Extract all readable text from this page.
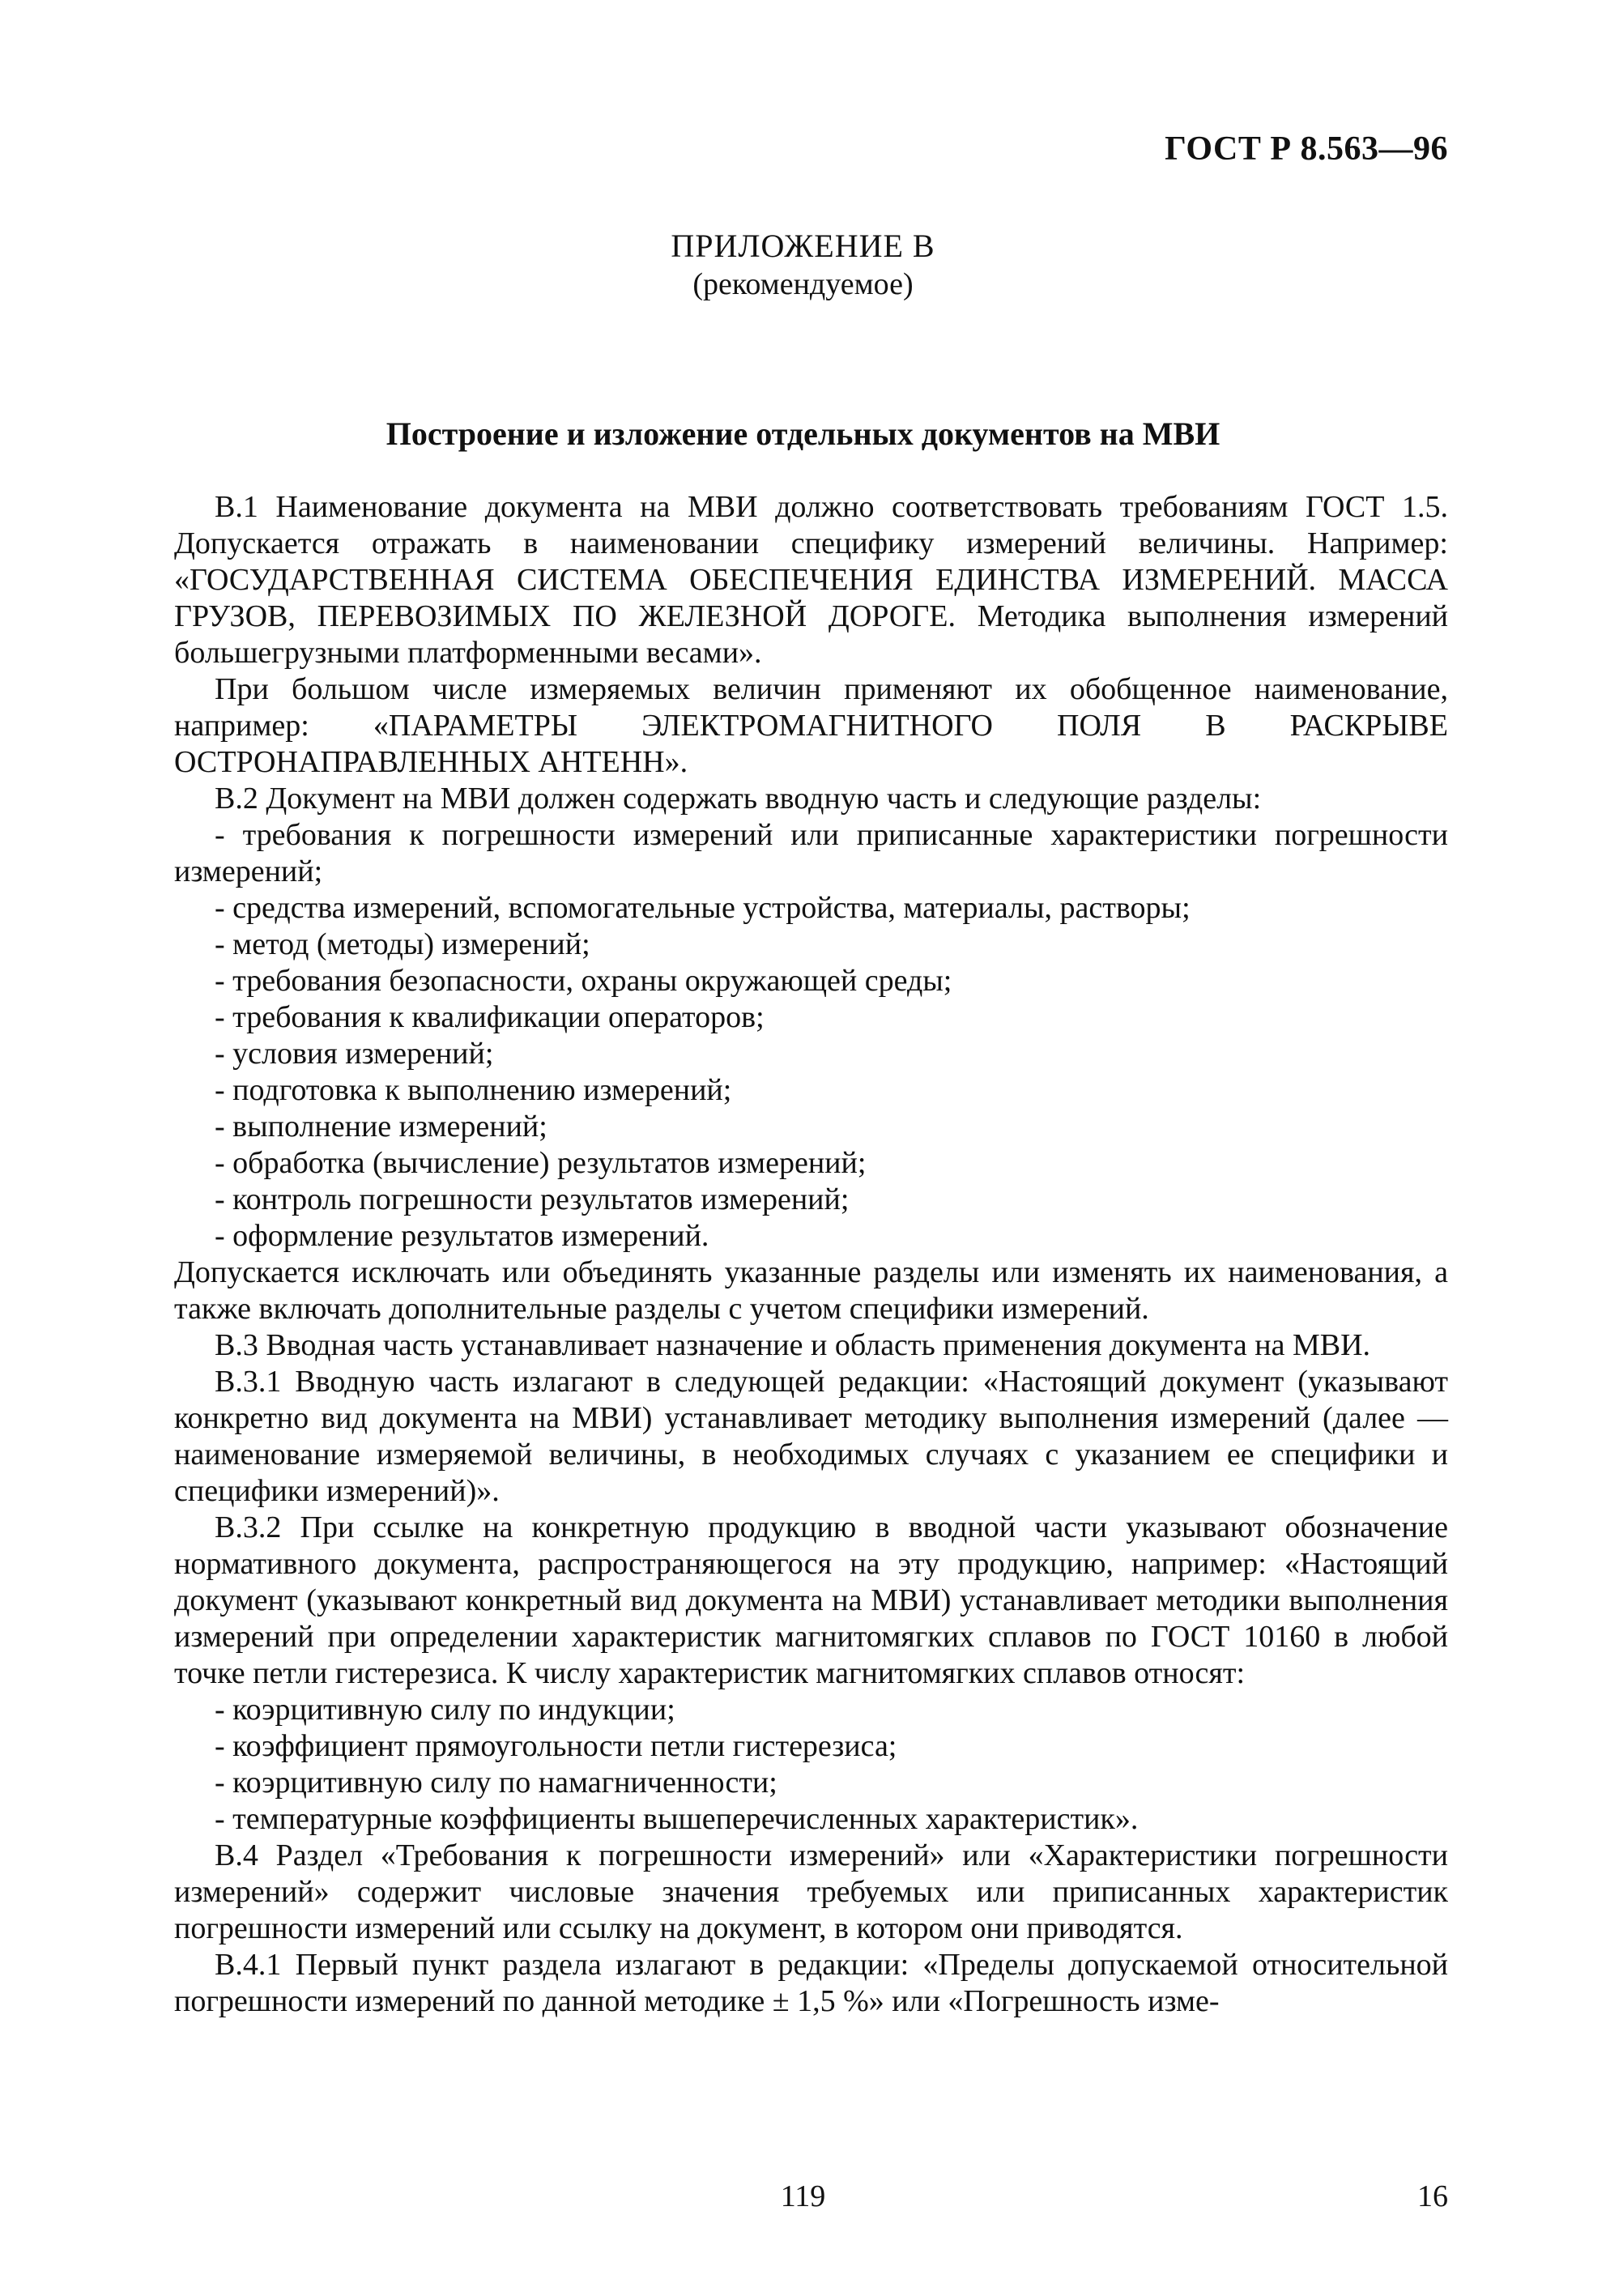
ГОСТ Р 8.563—96
ПРИЛОЖЕНИЕ В
(рекомендуемое)
Построение и изложение отдельных документов на МВИ

В.1 Наименование документа на МВИ должно соответствовать требованиям ГОСТ 1.5. Допускается отражать в наименовании специфику измерений величины. Например: «ГОСУДАРСТВЕННАЯ СИСТЕМА ОБЕСПЕЧЕНИЯ ЕДИНСТВА ИЗМЕРЕНИЙ. МАССА ГРУЗОВ, ПЕРЕВОЗИМЫХ ПО ЖЕЛЕЗНОЙ ДОРОГЕ. Методика выполнения измерений большегрузными платформенными весами».

При большом числе измеряемых величин применяют их обобщенное наименование, например: «ПАРАМЕТРЫ ЭЛЕКТРОМАГНИТНОГО ПОЛЯ В РАСКРЫВЕ ОСТРОНАПРАВЛЕННЫХ АНТЕНН».

В.2 Документ на МВИ должен содержать вводную часть и следующие разделы:

- требования к погрешности измерений или приписанные характеристики погрешности измерений;

- средства измерений, вспомогательные устройства, материалы, растворы;

- метод (методы) измерений;

- требования безопасности, охраны окружающей среды;

- требования к квалификации операторов;

- условия измерений;

- подготовка к выполнению измерений;

- выполнение измерений;

- обработка (вычисление) результатов измерений;

- контроль погрешности результатов измерений;

- оформление результатов измерений.

Допускается исключать или объединять указанные разделы или изменять их наименования, а также включать дополнительные разделы с учетом специфики измерений.

В.3 Вводная часть устанавливает назначение и область применения документа на МВИ.

В.3.1 Вводную часть излагают в следующей редакции: «Настоящий документ (указывают конкретно вид документа на МВИ) устанавливает методику выполнения измерений (далее — наименование измеряемой величины, в необходимых случаях с указанием ее специфики и специфики измерений)».

В.3.2 При ссылке на конкретную продукцию в вводной части указывают обозначение нормативного документа, распространяющегося на эту продукцию, например: «Настоящий документ (указывают конкретный вид документа на МВИ) устанавливает методики выполнения измерений при определении характеристик магнитомягких сплавов по ГОСТ 10160 в любой точке петли гистерезиса. К числу характеристик магнитомягких сплавов относят:

- коэрцитивную силу по индукции;

- коэффициент прямоугольности петли гистерезиса;

- коэрцитивную силу по намагниченности;

- температурные коэффициенты вышеперечисленных характеристик».

В.4 Раздел «Требования к погрешности измерений» или «Характеристики погрешности измерений» содержит числовые значения требуемых или приписанных характеристик погрешности измерений или ссылку на документ, в котором они приводятся.

В.4.1 Первый пункт раздела излагают в редакции: «Пределы допускаемой относительной погрешности измерений по данной методике ± 1,5 %» или «Погрешность изме-

119	16
